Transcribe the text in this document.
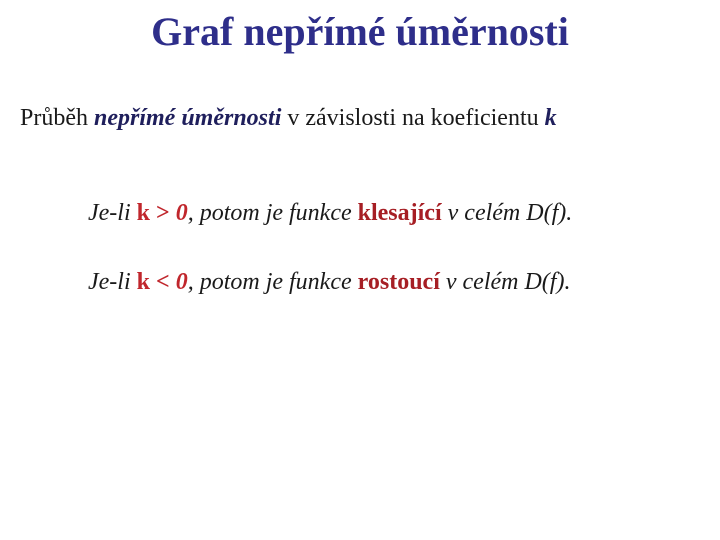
Graf nepřímé úměrnosti
Průběh nepřímé úměrnosti v závislosti na koeficientu k
Je-li k > 0, potom je funkce klesající v celém D(f).
Je-li k < 0, potom je funkce rostoucí v celém D(f).
